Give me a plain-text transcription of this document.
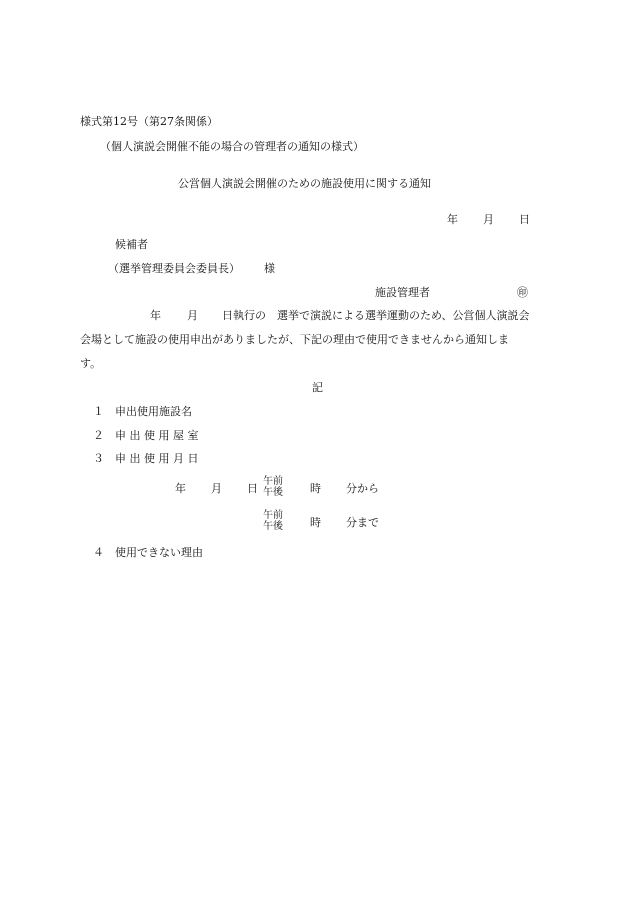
様式第12号（第27条関係）
（個人演説会開催不能の場合の管理者の通知の様式）
公営個人演説会開催のための施設使用に関する通知
年 月 日
候補者
（選挙管理委員会委員長） 様
施設管理者	㊞
年 月 日執行の　選挙で演説による選挙運動のため、公営個人演説会
会場として施設の使用申出がありましたが、下記の理由で使用できませんから通知しま
す。
記
１ 申出使用施設名
２ 申 出 使 用 屋 室
３ 申 出 使 用 月 日
年 月 日
午前
午後 時 分から
午前
午後 時 分まで
４ 使用できない理由
